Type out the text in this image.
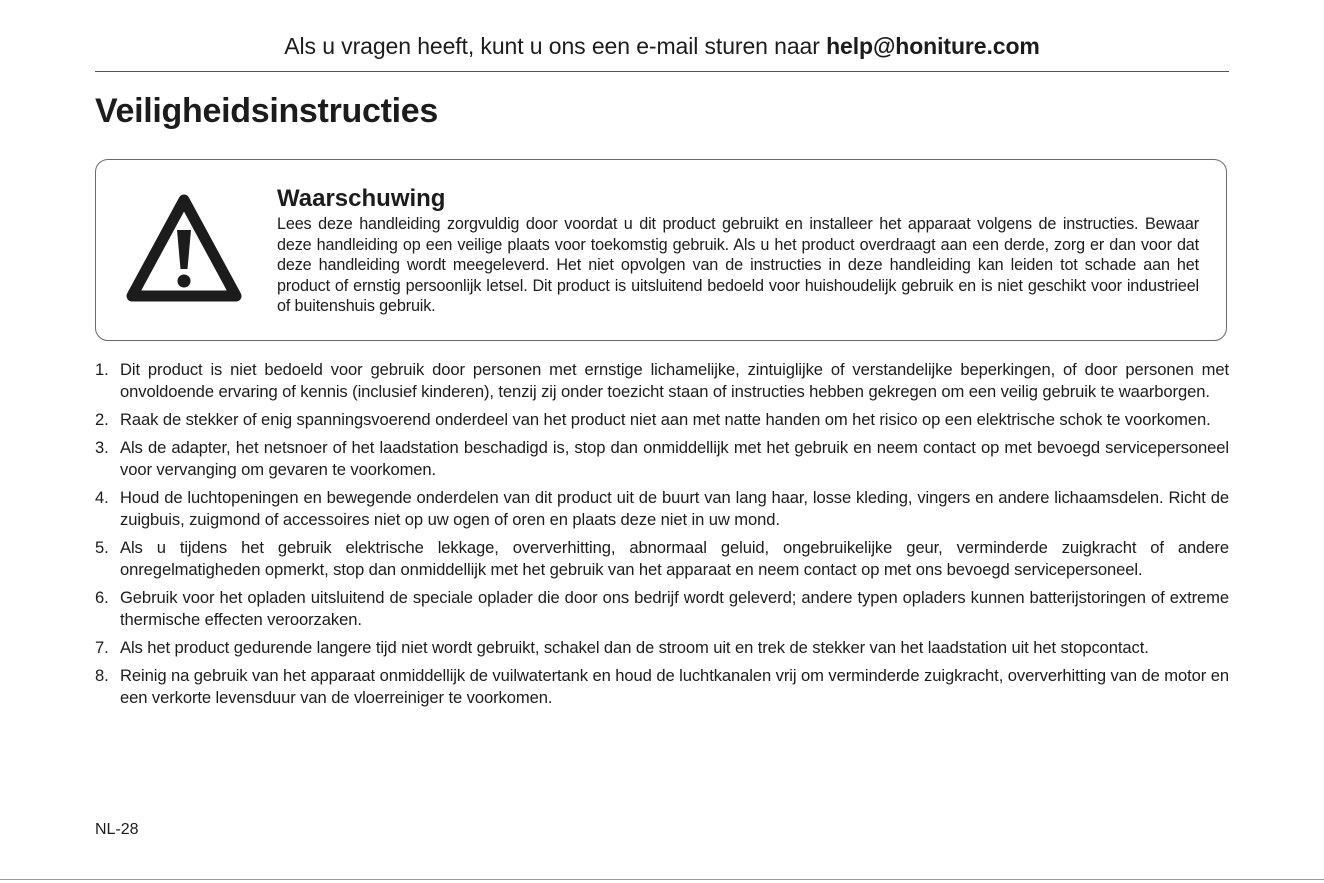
Als u vragen heeft, kunt u ons een e-mail sturen naar help@honiture.com
Veiligheidsinstructies
Waarschuwing
Lees deze handleiding zorgvuldig door voordat u dit product gebruikt en installeer het apparaat volgens de instructies. Bewaar deze handleiding op een veilige plaats voor toekomstig gebruik. Als u het product overdraagt aan een derde, zorg er dan voor dat deze handleiding wordt meegeleverd. Het niet opvolgen van de instructies in deze handleiding kan leiden tot schade aan het product of ernstig persoonlijk letsel. Dit product is uitsluitend bedoeld voor huishoudelijk gebruik en is niet geschikt voor industrieel of buitenshuis gebruik.
1. Dit product is niet bedoeld voor gebruik door personen met ernstige lichamelijke, zintuiglijke of verstandelijke beperkingen, of door personen met onvoldoende ervaring of kennis (inclusief kinderen), tenzij zij onder toezicht staan of instructies hebben gekregen om een veilig gebruik te waarborgen.
2. Raak de stekker of enig spanningsvoerend onderdeel van het product niet aan met natte handen om het risico op een elektrische schok te voorkomen.
3. Als de adapter, het netsnoer of het laadstation beschadigd is, stop dan onmiddellijk met het gebruik en neem contact op met bevoegd servicepersoneel voor vervanging om gevaren te voorkomen.
4. Houd de luchtopeningen en bewegende onderdelen van dit product uit de buurt van lang haar, losse kleding, vingers en andere lichaamsdelen. Richt de zuigbuis, zuigmond of accessoires niet op uw ogen of oren en plaats deze niet in uw mond.
5. Als u tijdens het gebruik elektrische lekkage, oververhitting, abnormaal geluid, ongebruikelijke geur, verminderde zuigkracht of andere onregelmatigheden opmerkt, stop dan onmiddellijk met het gebruik van het apparaat en neem contact op met ons bevoegd servicepersoneel.
6. Gebruik voor het opladen uitsluitend de speciale oplader die door ons bedrijf wordt geleverd; andere typen opladers kunnen batterijstoringen of extreme thermische effecten veroorzaken.
7. Als het product gedurende langere tijd niet wordt gebruikt, schakel dan de stroom uit en trek de stekker van het laadstation uit het stopcontact.
8. Reinig na gebruik van het apparaat onmiddellijk de vuilwatertank en houd de luchtkanalen vrij om verminderde zuigkracht, oververhitting van de motor en een verkorte levensduur van de vloerreiniger te voorkomen.
NL-28
